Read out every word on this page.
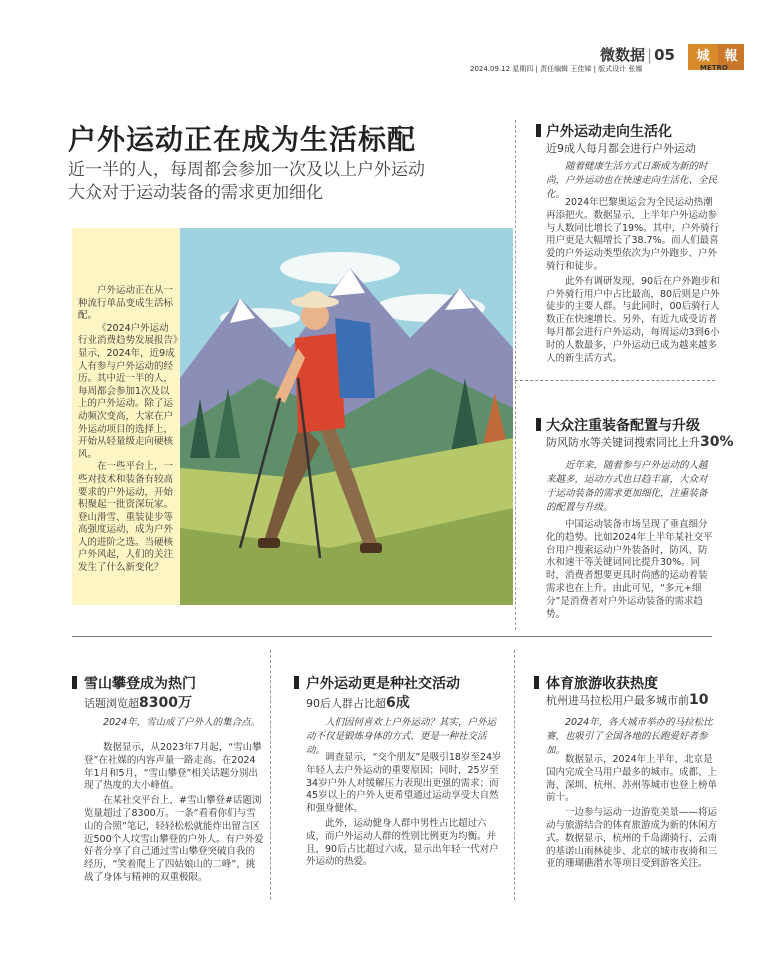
微数据 | 05	城	報
METRO
2024.09.12 星期四 | 责任编辑 王佳娣 | 版式设计 张娜
户外运动正在成为生活标配
近一半的人，每周都会参加一次及以上户外运动
大众对于运动装备的需求更加细化

户外运动正在从一种流行单品变成生活标配。

《2024户外运动行业消费趋势发展报告》显示，2024年，近9成人有参与户外运动的经历。其中近一半的人，每周都会参加1次及以上的户外运动。除了运动频次变高，大家在户外运动项目的选择上，开始从轻量级走向硬核风。

在一些平台上，一些对技术和装备有较高要求的户外运动，开始积聚起一批资深玩家。登山滑雪、重装徒步等高强度运动，成为户外人的进阶之选。当硬核户外风起，人们的关注发生了什么新变化？

户外运动走向生活化
近9成人每月都会进行户外运动

随着健康生活方式日渐成为新的时尚，户外运动也在快速走向生活化、全民化。

2024年巴黎奥运会为全民运动热潮再添把火。数据显示，上半年户外运动参与人数同比增长了19%。其中，户外骑行用户更是大幅增长了38.7%。而人们最喜爱的户外运动类型依次为户外跑步、户外骑行和徒步。

此外有调研发现，90后在户外跑步和户外骑行用户中占比最高，80后则是户外徒步的主要人群。与此同时，00后骑行人数正在快速增长。另外，有近九成受访者每月都会进行户外运动，每周运动3到6小时的人数最多，户外运动已成为越来越多人的新生活方式。

大众注重装备配置与升级
防风防水等关键词搜索同比上升30%

近年来，随着参与户外运动的人越来越多，运动方式也日趋丰富，大众对于运动装备的需求更加细化，注重装备的配置与升级。

中国运动装备市场呈现了垂直细分化的趋势。比如2024年上半年某社交平台用户搜索运动户外装备时，防风、防水和速干等关键词同比提升30%。同时，消费者想要更具时尚感的运动着装需求也在上升。由此可见，“多元+细分”是消费者对户外运动装备的需求趋势。

雪山攀登成为热门
话题浏览超8300万

2024年，雪山成了户外人的集合点。

数据显示，从2023年7月起，“雪山攀登”在社媒的内容声量一路走高。在2024年1月和5月，“雪山攀登”相关话题分别出现了热度的大小峰值。

在某社交平台上，#雪山攀登#话题浏览量超过了8300万。一条“看看你们与雪山的合照”笔记，轻轻松松就能炸出留言区近500个人坟雪山攀登的户外人。有户外爱好者分享了自己通过雪山攀登突破自我的经历，“笑着爬上了四姑娘山的二峰”，挑战了身体与精神的双重极限。

户外运动更是种社交活动
90后人群占比超6成

人们因何喜欢上户外运动？其实，户外运动不仅是锻炼身体的方式，更是一种社交活动。

调查显示，“交个朋友”是吸引18岁至24岁年轻人去户外运动的重要原因；同时，25岁至34岁户外人对缓解压力表现出更强的需求；而45岁以上的户外人更希望通过运动享受大自然和强身健体。

此外，运动健身人群中男性占比超过六成，而户外运动人群的性别比例更为均衡。并且，90后占比超过六成，显示出年轻一代对户外运动的热爱。

体育旅游收获热度
杭州进马拉松用户最多城市前10

2024年，各大城市举办的马拉松比赛，也吸引了全国各地的长跑爱好者参加。

数据显示，2024年上半年，北京是国内完成全马用户最多的城市。成都、上海、深圳、杭州、苏州等城市也登上榜单前十。

一边参与运动一边游览美景——将运动与旅游结合的体育旅游成为新的休闲方式。数据显示，杭州的千岛湖骑行、云南的基诺山雨林徒步、北京的城市夜骑和三亚的珊瑚礁潜水等项目受到游客关注。
